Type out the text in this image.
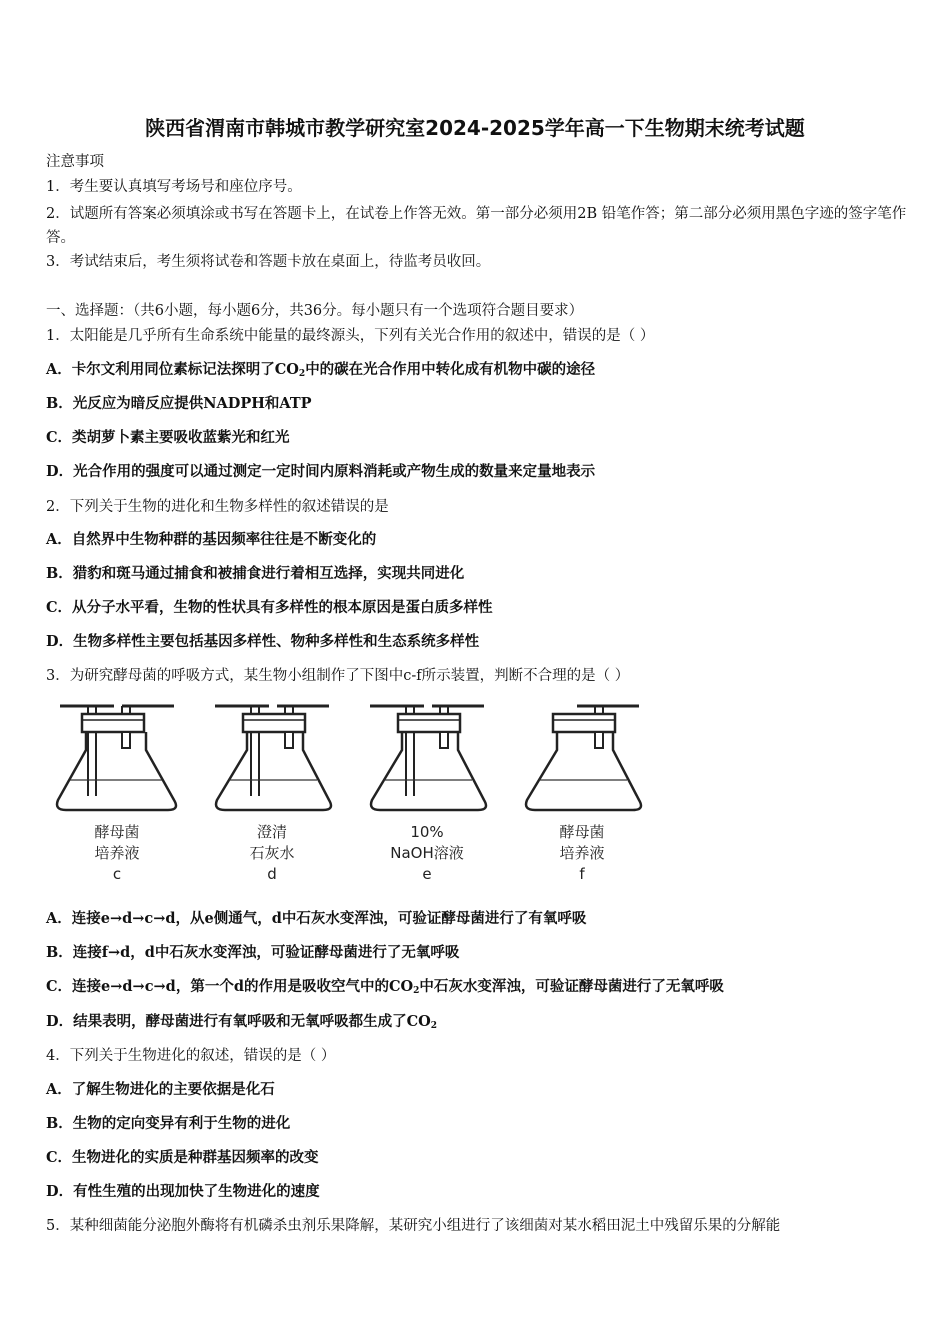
陕西省渭南市韩城市教学研究室2024-2025学年高一下生物期末统考试题
注意事项
1．考生要认真填写考场号和座位序号。
2．试题所有答案必须填涂或书写在答题卡上，在试卷上作答无效。第一部分必须用2B 铅笔作答；第二部分必须用黑色字迹的签字笔作答。
3．考试结束后，考生须将试卷和答题卡放在桌面上，待监考员收回。
一、选择题：（共6小题，每小题6分，共36分。每小题只有一个选项符合题目要求）
1．太阳能是几乎所有生命系统中能量的最终源头，下列有关光合作用的叙述中，错误的是（ ）
A．卡尔文利用同位素标记法探明了$CO_2$中的碳在光合作用中转化成有机物中碳的途径
B．光反应为暗反应提供NADPH和ATP
C．类胡萝卜素主要吸收蓝紫光和红光
D．光合作用的强度可以通过测定一定时间内原料消耗或产物生成的数量来定量地表示
2．下列关于生物的进化和生物多样性的叙述错误的是
A．自然界中生物种群的基因频率往往是不断变化的
B．猎豹和斑马通过捕食和被捕食进行着相互选择，实现共同进化
C．从分子水平看，生物的性状具有多样性的根本原因是蛋白质多样性
D．生物多样性主要包括基因多样性、物种多样性和生态系统多样性
3．为研究酵母菌的呼吸方式，某生物小组制作了下图中c-f所示装置，判断不合理的是（ ）
酵母菌
培养液
c
澄清
石灰水
d
10%
NaOH溶液
e
酵母菌
培养液
f
A．连接e→d→c→d，从e侧通气，d中石灰水变浑浊，可验证酵母菌进行了有氧呼吸
B．连接f→d，d中石灰水变浑浊，可验证酵母菌进行了无氧呼吸
C．连接e→d→c→d，第一个d的作用是吸收空气中的$CO_2$中石灰水变浑浊，可验证酵母菌进行了无氧呼吸
D．结果表明，酵母菌进行有氧呼吸和无氧呼吸都生成了$CO_2$
4．下列关于生物进化的叙述，错误的是（ ）
A．了解生物进化的主要依据是化石
B．生物的定向变异有利于生物的进化
C．生物进化的实质是种群基因频率的改变
D．有性生殖的出现加快了生物进化的速度
5．某种细菌能分泌胞外酶将有机磷杀虫剂乐果降解，某研究小组进行了该细菌对某水稻田泥土中残留乐果的分解能
